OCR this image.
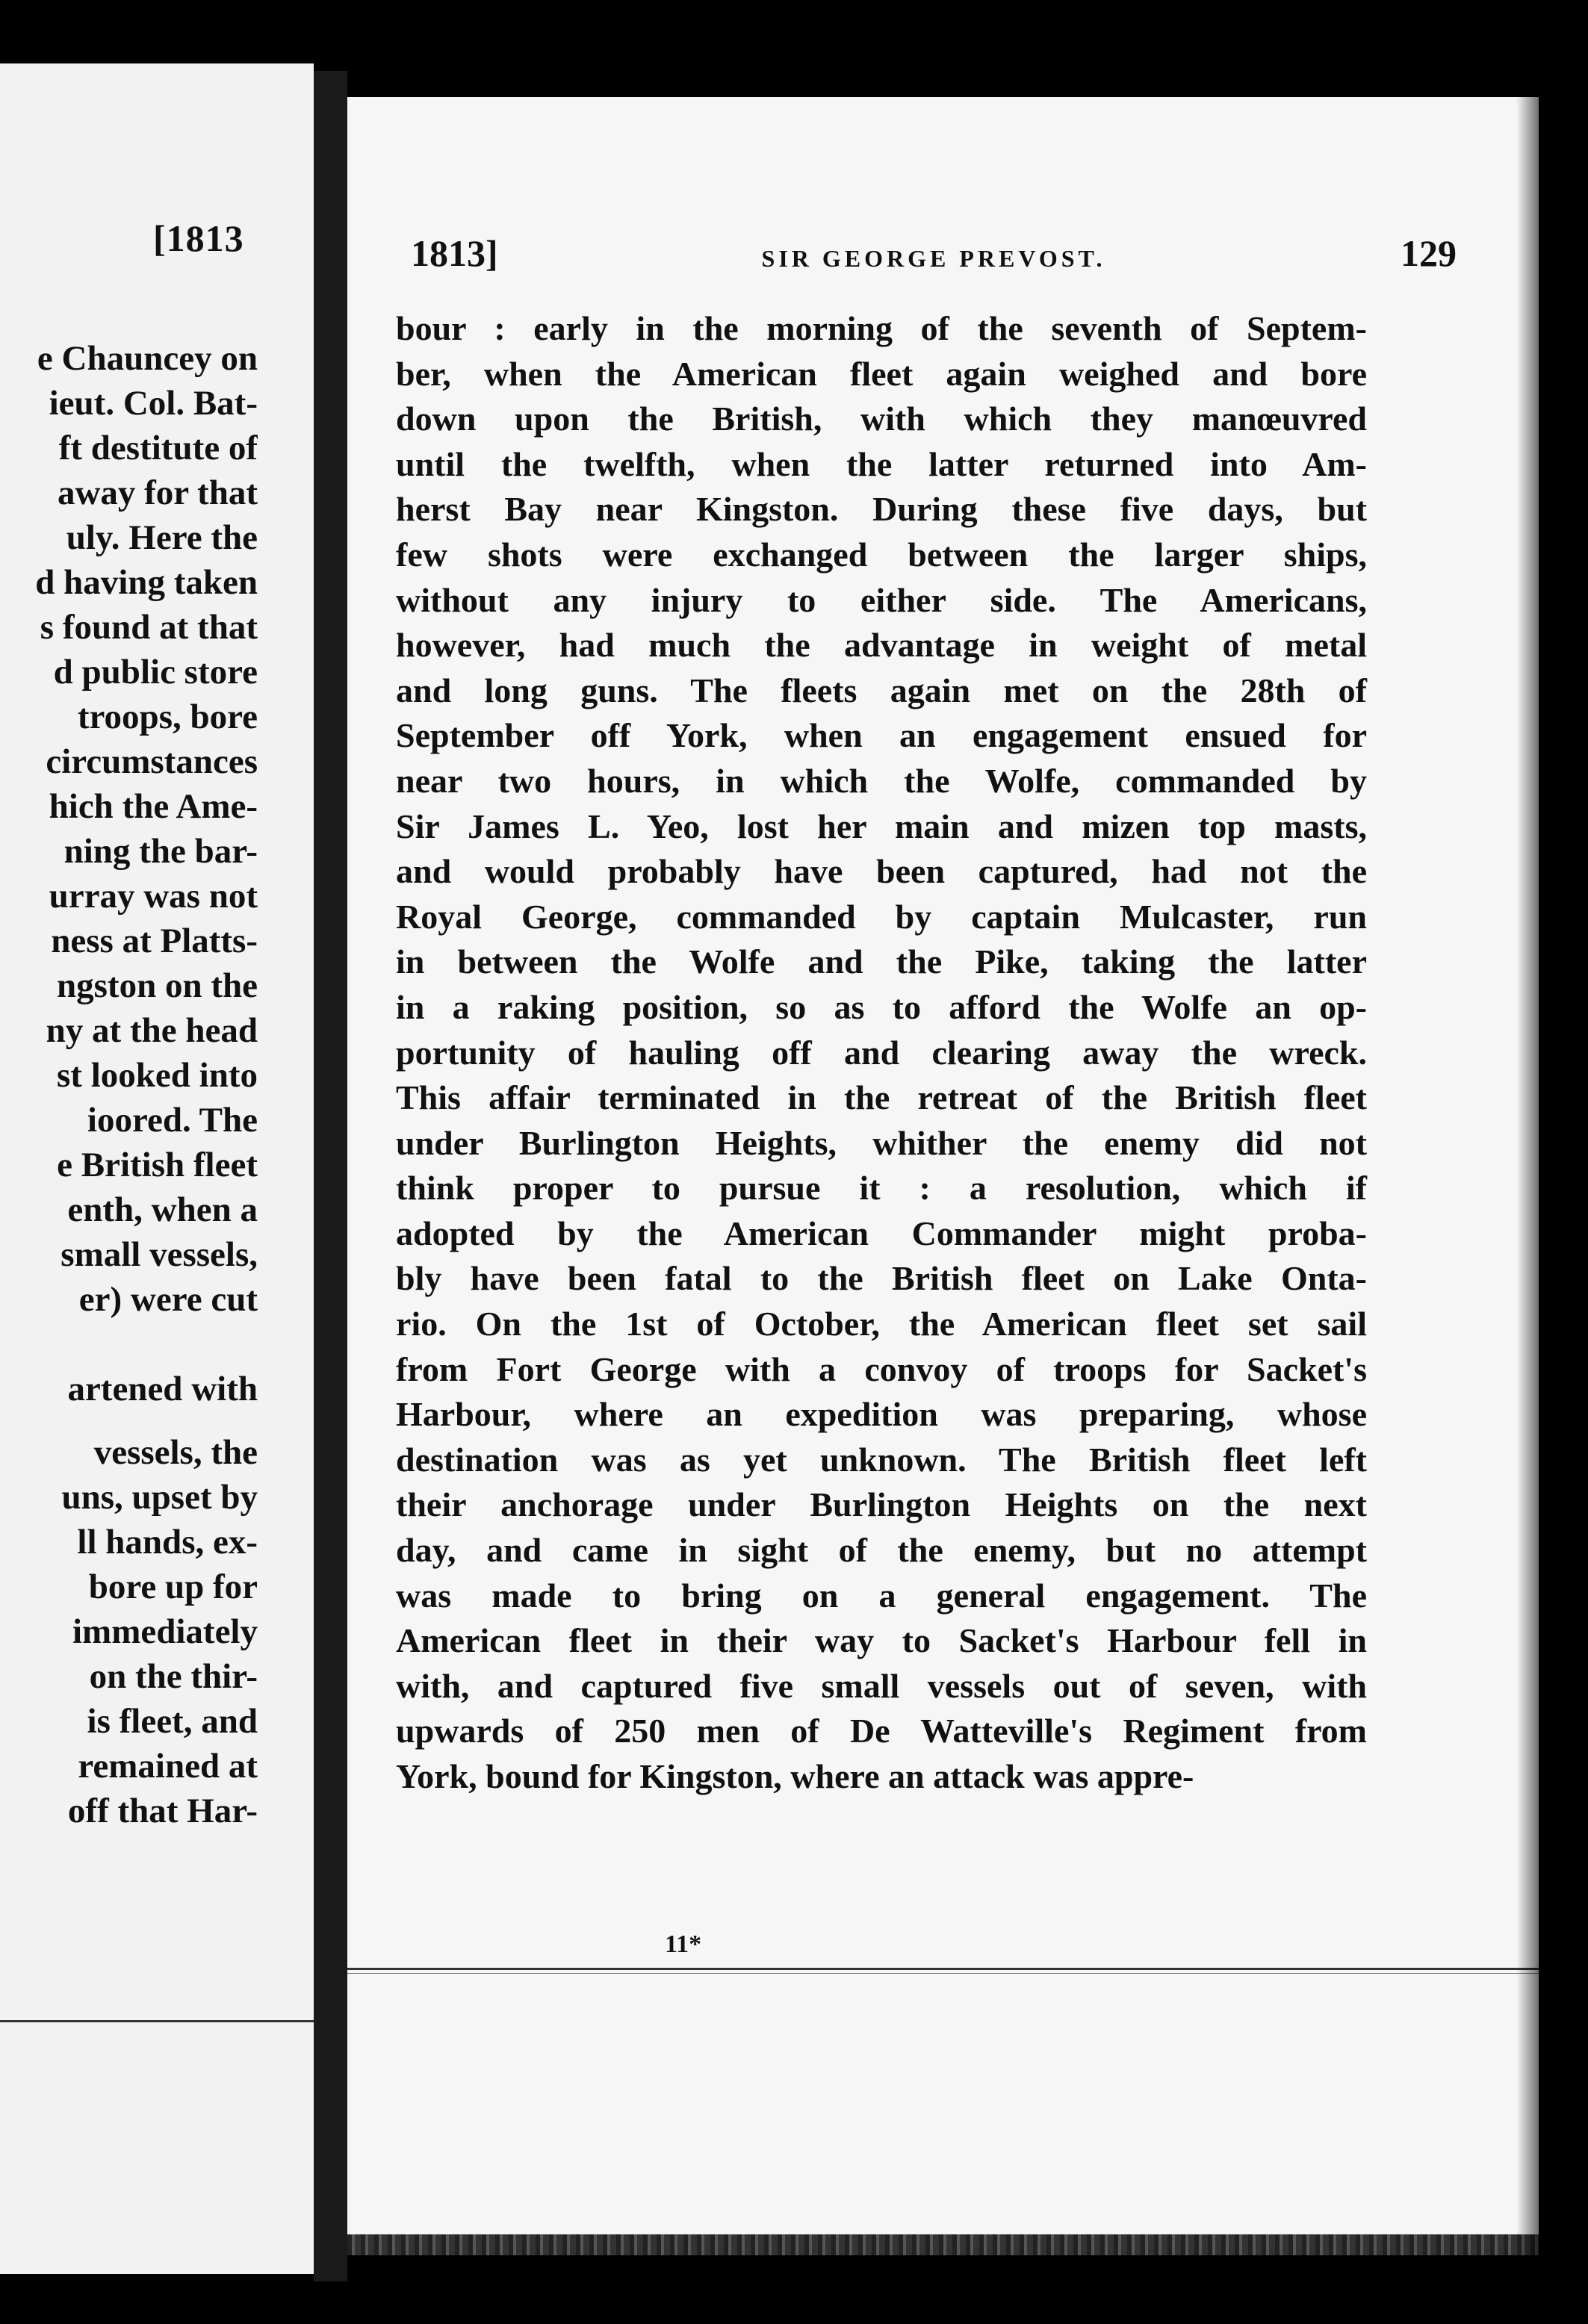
[1813
e Chauncey on
ieut. Col. Bat-
ft destitute of
away for that
uly. Here the
d having taken
s found at that
d public store
troops, bore
circumstances
hich the Ame-
ning the bar-
urray was not
ness at Platts-
ngston on the
ny at the head
st looked into
ioored. The
e British fleet
enth, when a
small vessels,
er) were cut
artened with
vessels, the
uns, upset by
ll hands, ex-
bore up for
immediately
on the thir-
is fleet, and
remained at
off that Har-
1813]	SIR GEORGE PREVOST.	129
bour : early in the morning of the seventh of Septem-
ber, when the American fleet again weighed and bore
down upon the British, with which they manœuvred
until the twelfth, when the latter returned into Am-
herst Bay near Kingston. During these five days, but
few shots were exchanged between the larger ships,
without any injury to either side. The Americans,
however, had much the advantage in weight of metal
and long guns. The fleets again met on the 28th of
September off York, when an engagement ensued for
near two hours, in which the Wolfe, commanded by
Sir James L. Yeo, lost her main and mizen top masts,
and would probably have been captured, had not the
Royal George, commanded by captain Mulcaster, run
in between the Wolfe and the Pike, taking the latter
in a raking position, so as to afford the Wolfe an op-
portunity of hauling off and clearing away the wreck.
This affair terminated in the retreat of the British fleet
under Burlington Heights, whither the enemy did not
think proper to pursue it : a resolution, which if
adopted by the American Commander might proba-
bly have been fatal to the British fleet on Lake Onta-
rio. On the 1st of October, the American fleet set sail
from Fort George with a convoy of troops for Sacket's
Harbour, where an expedition was preparing, whose
destination was as yet unknown. The British fleet left
their anchorage under Burlington Heights on the next
day, and came in sight of the enemy, but no attempt
was made to bring on a general engagement. The
American fleet in their way to Sacket's Harbour fell in
with, and captured five small vessels out of seven, with
upwards of 250 men of De Watteville's Regiment from
York, bound for Kingston, where an attack was appre-
11*
